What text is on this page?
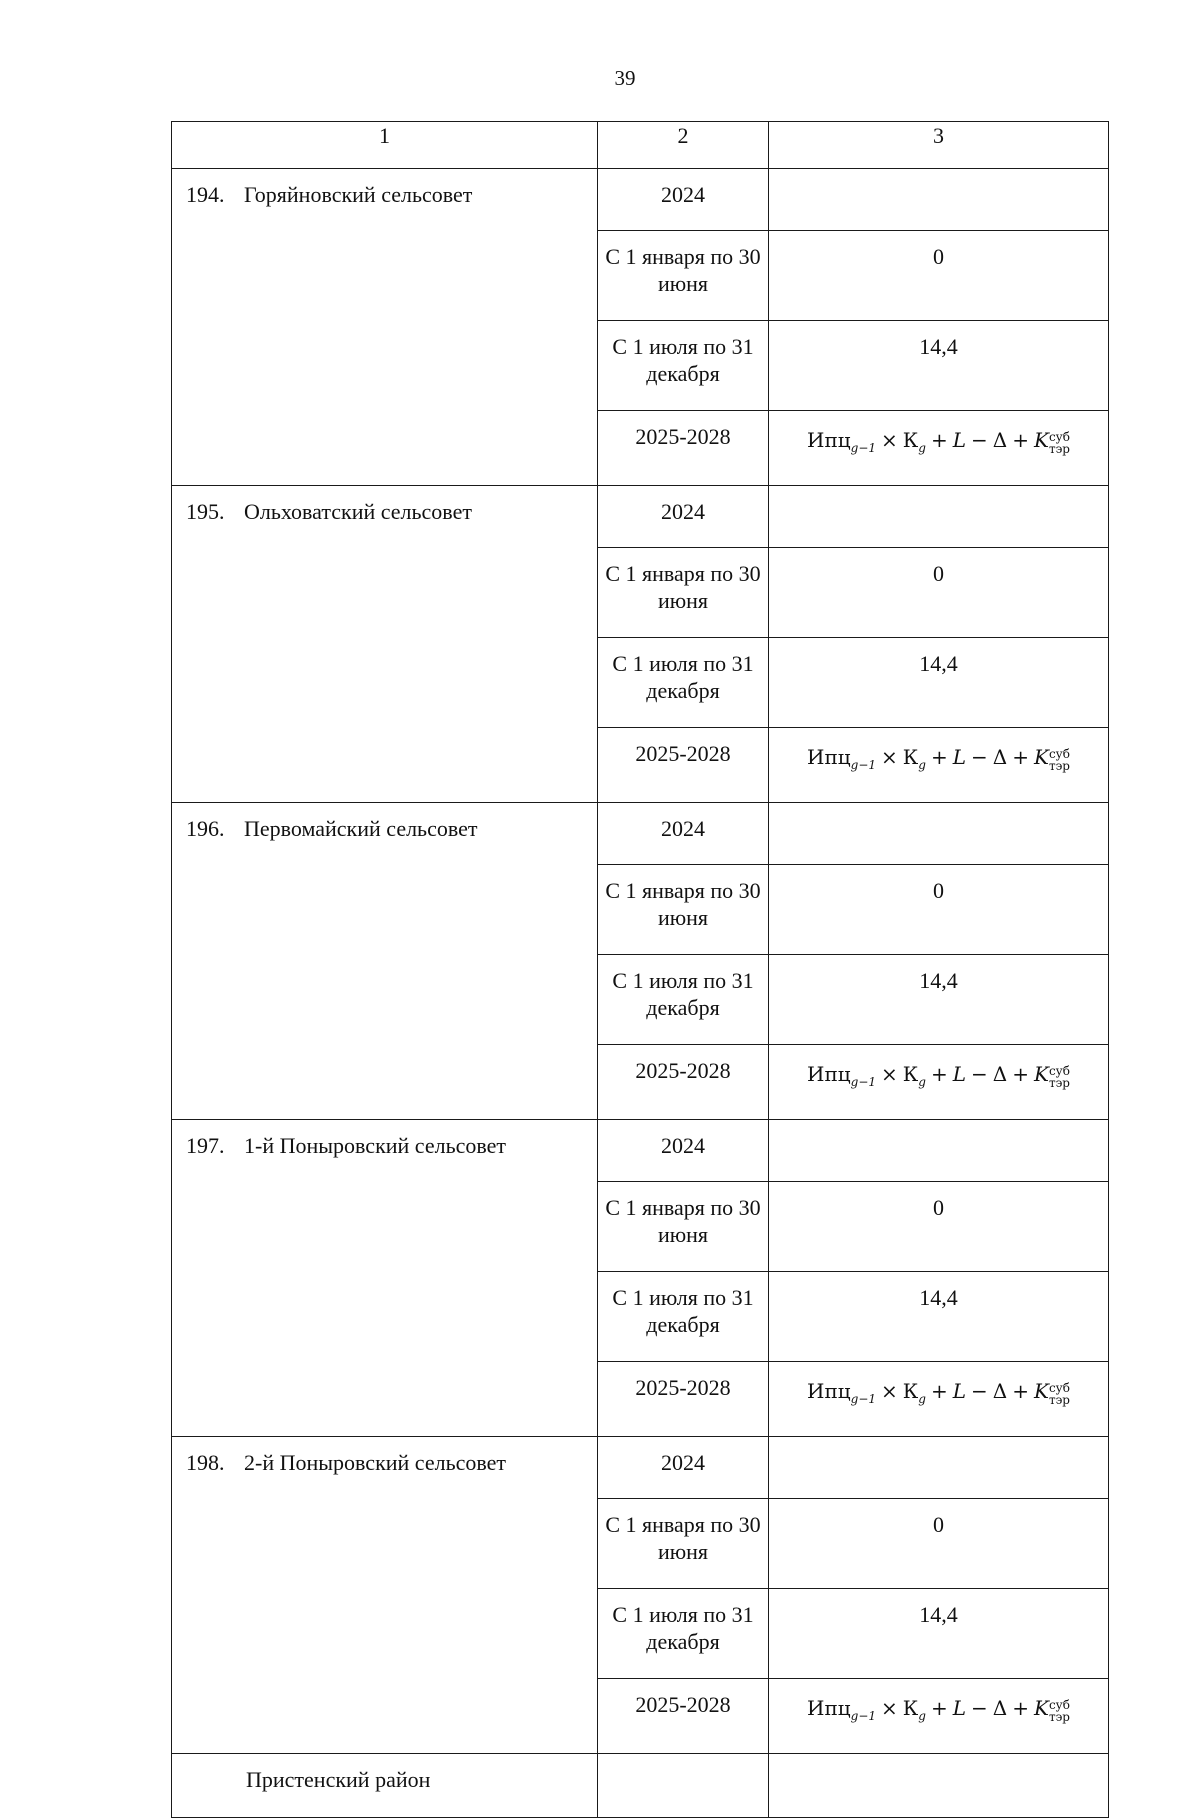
39
1	2	3
194. Горяйновский сельсовет	2024	
	С 1 января по 30 июня	0
	С 1 июля по 31 декабря	14,4
	2025-2028	$Ипц_{g-1} \times К_g + L - \Delta + K$ суб
тэр

195. Ольховатский сельсовет	2024	
	С 1 января по 30 июня	0
	С 1 июля по 31 декабря	14,4
	2025-2028	$Ипц_{g-1} \times К_g + L - \Delta + K$ суб
тэр

196. Первомайский сельсовет	2024	
	С 1 января по 30 июня	0
	С 1 июля по 31 декабря	14,4
	2025-2028	$Ипц_{g-1} \times К_g + L - \Delta + K$ суб
тэр

197. 1-й Поныровский сельсовет	2024	
	С 1 января по 30 июня	0
	С 1 июля по 31 декабря	14,4
	2025-2028	$Ипц_{g-1} \times К_g + L - \Delta + K$ суб
тэр

198. 2-й Поныровский сельсовет	2024	
	С 1 января по 30 июня	0
	С 1 июля по 31 декабря	14,4
	2025-2028	$Ипц_{g-1} \times К_g + L - \Delta + K$ суб
тэр

Пристенский район		
